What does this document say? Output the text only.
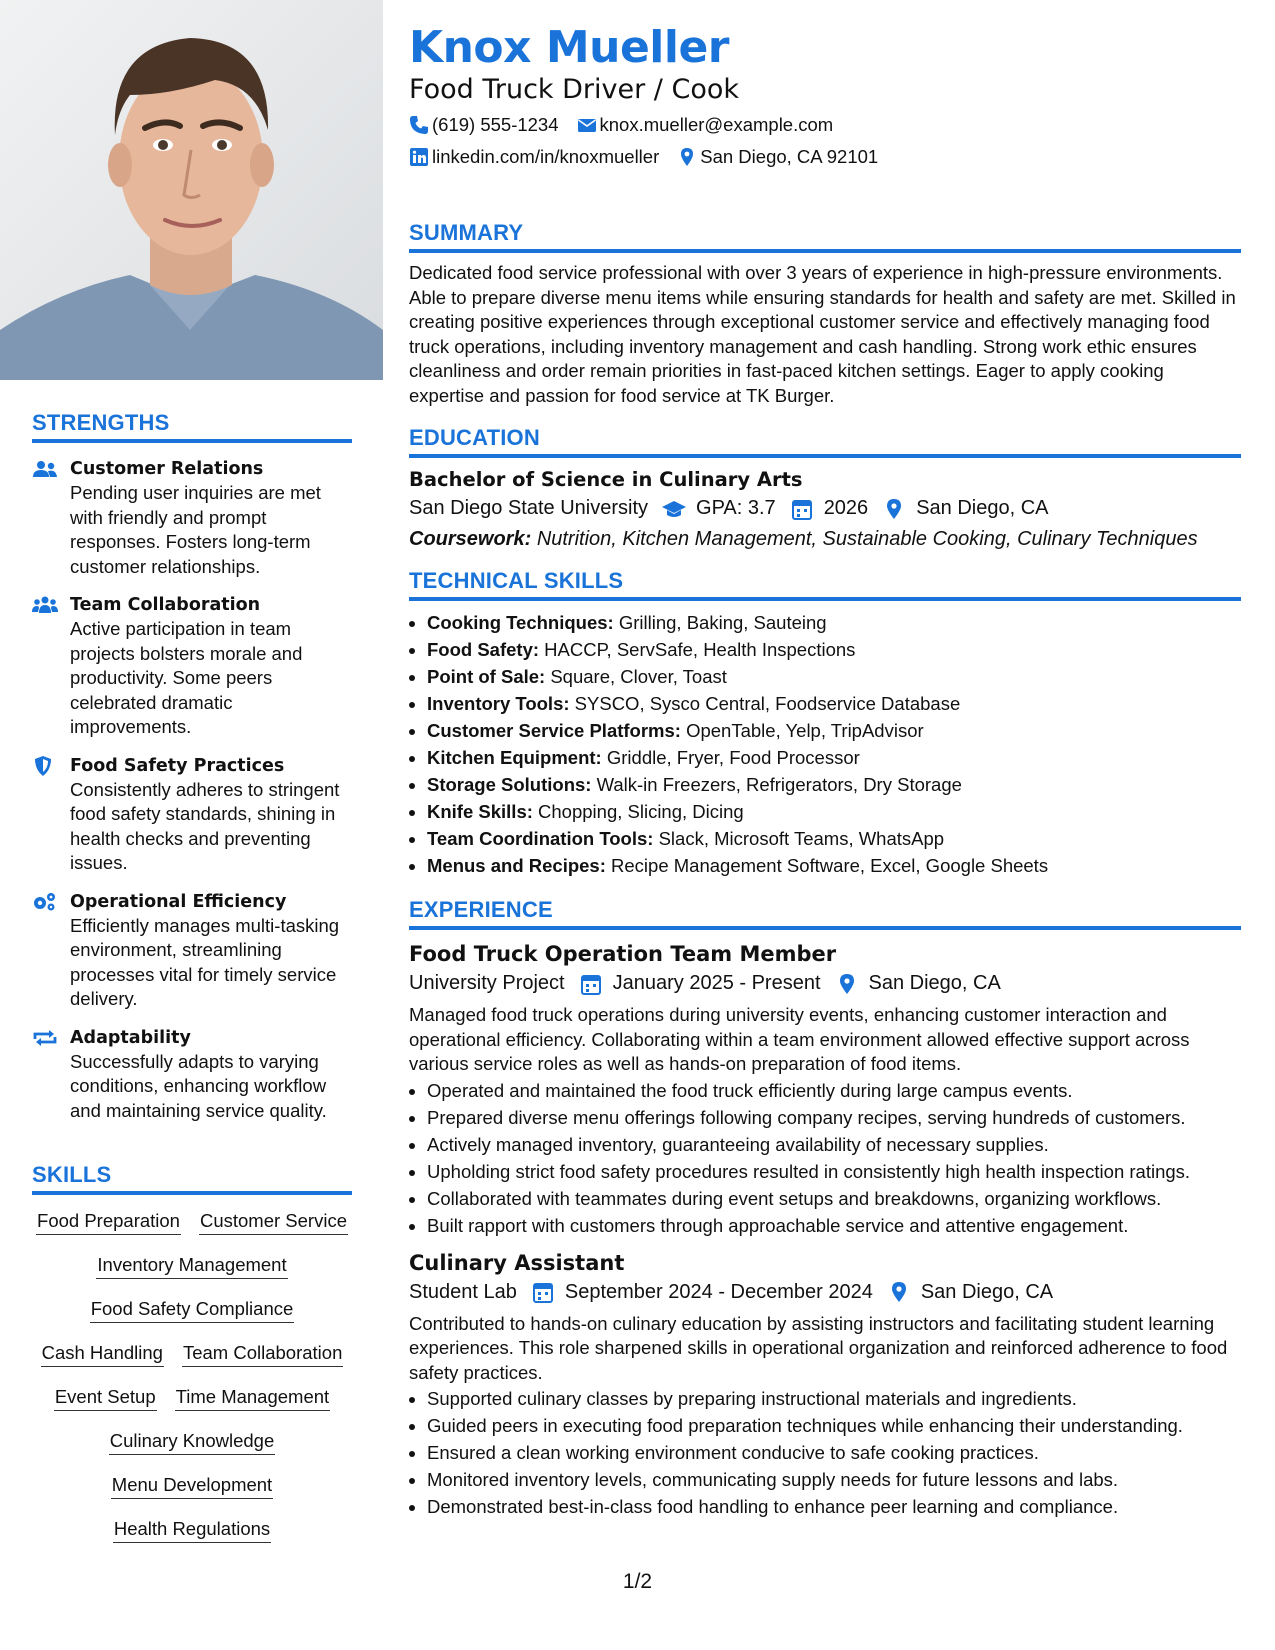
STRENGTHS
Customer Relations
Pending user inquiries are met with friendly and prompt responses. Fosters long-term customer relationships.
Team Collaboration
Active participation in team projects bolsters morale and productivity. Some peers celebrated dramatic improvements.
Food Safety Practices
Consistently adheres to stringent food safety standards, shining in health checks and preventing issues.
Operational Efficiency
Efficiently manages multi-tasking environment, streamlining processes vital for timely service delivery.
Adaptability
Successfully adapts to varying conditions, enhancing workflow and maintaining service quality.
SKILLS
Food Preparation Customer Service
Inventory Management
Food Safety Compliance
Cash Handling Team Collaboration
Event Setup Time Management
Culinary Knowledge
Menu Development
Health Regulations
Knox Mueller
Food Truck Driver / Cook
(619) 555-1234 knox.mueller@example.com
linkedin.com/in/knoxmueller San Diego, CA 92101
SUMMARY

Dedicated food service professional with over 3 years of experience in high-pressure environments. Able to prepare diverse menu items while ensuring standards for health and safety are met. Skilled in creating positive experiences through exceptional customer service and effectively managing food truck operations, including inventory management and cash handling. Strong work ethic ensures cleanliness and order remain priorities in fast-paced kitchen settings. Eager to apply cooking expertise and passion for food service at TK Burger.

EDUCATION
Bachelor of Science in Culinary Arts
San Diego State University GPA: 3.7 2026 San Diego, CA
Coursework: Nutrition, Kitchen Management, Sustainable Cooking, Culinary Techniques
TECHNICAL SKILLS
• Cooking Techniques: Grilling, Baking, Sauteing
• Food Safety: HACCP, ServSafe, Health Inspections
• Point of Sale: Square, Clover, Toast
• Inventory Tools: SYSCO, Sysco Central, Foodservice Database
• Customer Service Platforms: OpenTable, Yelp, TripAdvisor
• Kitchen Equipment: Griddle, Fryer, Food Processor
• Storage Solutions: Walk-in Freezers, Refrigerators, Dry Storage
• Knife Skills: Chopping, Slicing, Dicing
• Team Coordination Tools: Slack, Microsoft Teams, WhatsApp
• Menus and Recipes: Recipe Management Software, Excel, Google Sheets
EXPERIENCE
Food Truck Operation Team Member
University Project January 2025 - Present San Diego, CA

Managed food truck operations during university events, enhancing customer interaction and operational efficiency. Collaborating within a team environment allowed effective support across various service roles as well as hands-on preparation of food items.

• Operated and maintained the food truck efficiently during large campus events.
• Prepared diverse menu offerings following company recipes, serving hundreds of customers.
• Actively managed inventory, guaranteeing availability of necessary supplies.
• Upholding strict food safety procedures resulted in consistently high health inspection ratings.
• Collaborated with teammates during event setups and breakdowns, organizing workflows.
• Built rapport with customers through approachable service and attentive engagement.
Culinary Assistant
Student Lab September 2024 - December 2024 San Diego, CA

Contributed to hands-on culinary education by assisting instructors and facilitating student learning experiences. This role sharpened skills in operational organization and reinforced adherence to food safety practices.

• Supported culinary classes by preparing instructional materials and ingredients.
• Guided peers in executing food preparation techniques while enhancing their understanding.
• Ensured a clean working environment conducive to safe cooking practices.
• Monitored inventory levels, communicating supply needs for future lessons and labs.
• Demonstrated best-in-class food handling to enhance peer learning and compliance.
1/2
